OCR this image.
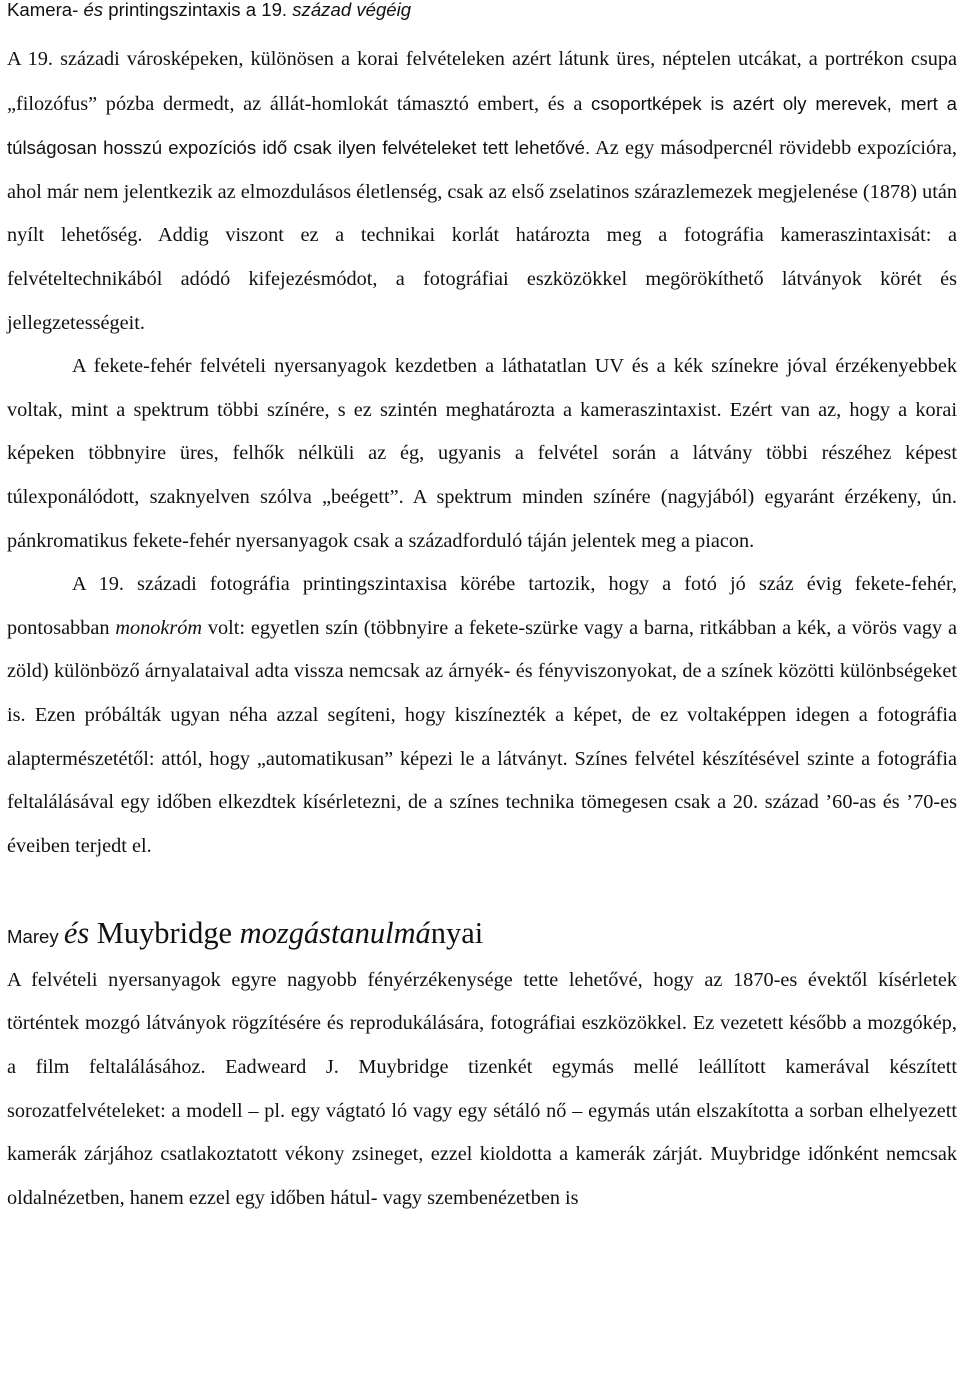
Kamera- és printingszintaxis a 19. század végéig

A 19. századi városképeken, különösen a korai felvételeken azért látunk üres, néptelen utcákat, a portrékon csupa „filozófus” pózba dermedt, az állát-homlokát támasztó embert, és a csoportképek is azért oly merevek, mert a túlságosan hosszú expozíciós idő csak ilyen felvételeket tett lehetővé. Az egy másodpercnél rövidebb expozícióra, ahol már nem jelentkezik az elmozdulásos életlenség, csak az első zselatinos szárazlemezek megjelenése (1878) után nyílt lehetőség. Addig viszont ez a technikai korlát határozta meg a fotográfia kameraszintaxisát: a felvételtechnikából adódó kifejezésmódot, a fotográfiai eszközökkel megörökíthető látványok körét és jellegzetességeit.

A fekete-fehér felvételi nyersanyagok kezdetben a láthatatlan UV és a kék színekre jóval érzékenyebbek voltak, mint a spektrum többi színére, s ez szintén meghatározta a kameraszintaxist. Ezért van az, hogy a korai képeken többnyire üres, felhők nélküli az ég, ugyanis a felvétel során a látvány többi részéhez képest túlexponálódott, szaknyelven szólva „beégett”. A spektrum minden színére (nagyjából) egyaránt érzékeny, ún. pánkromatikus fekete-fehér nyersanyagok csak a századforduló táján jelentek meg a piacon.

A 19. századi fotográfia printingszintaxisa körébe tartozik, hogy a fotó jó száz évig fekete-fehér, pontosabban monokróm volt: egyetlen szín (többnyire a fekete-szürke vagy a barna, ritkábban a kék, a vörös vagy a zöld) különböző árnyalataival adta vissza nemcsak az árnyék- és fényviszonyokat, de a színek közötti különbségeket is. Ezen próbálták ugyan néha azzal segíteni, hogy kiszínezték a képet, de ez voltaképpen idegen a fotográfia alaptermészetétől: attól, hogy „automatikusan” képezi le a látványt. Színes felvétel készítésével szinte a fotográfia feltalálásával egy időben elkezdtek kísérletezni, de a színes technika tömegesen csak a 20. század ’60-as és ’70-es éveiben terjedt el.

Marey és Muybridge mozgástanulmányai

A felvételi nyersanyagok egyre nagyobb fényérzékenysége tette lehetővé, hogy az 1870-es évektől kísérletek történtek mozgó látványok rögzítésére és reprodukálására, fotográfiai eszközökkel. Ez vezetett később a mozgókép, a film feltalálásához. Eadweard J. Muybridge tizenkét egymás mellé leállított kamerával készített sorozatfelvételeket: a modell – pl. egy vágtató ló vagy egy sétáló nő – egymás után elszakította a sorban elhelyezett kamerák zárjához csatlakoztatott vékony zsineget, ezzel kioldotta a kamerák zárját. Muybridge időnként nemcsak oldalnézetben, hanem ezzel egy időben hátul- vagy szembenézetben is
